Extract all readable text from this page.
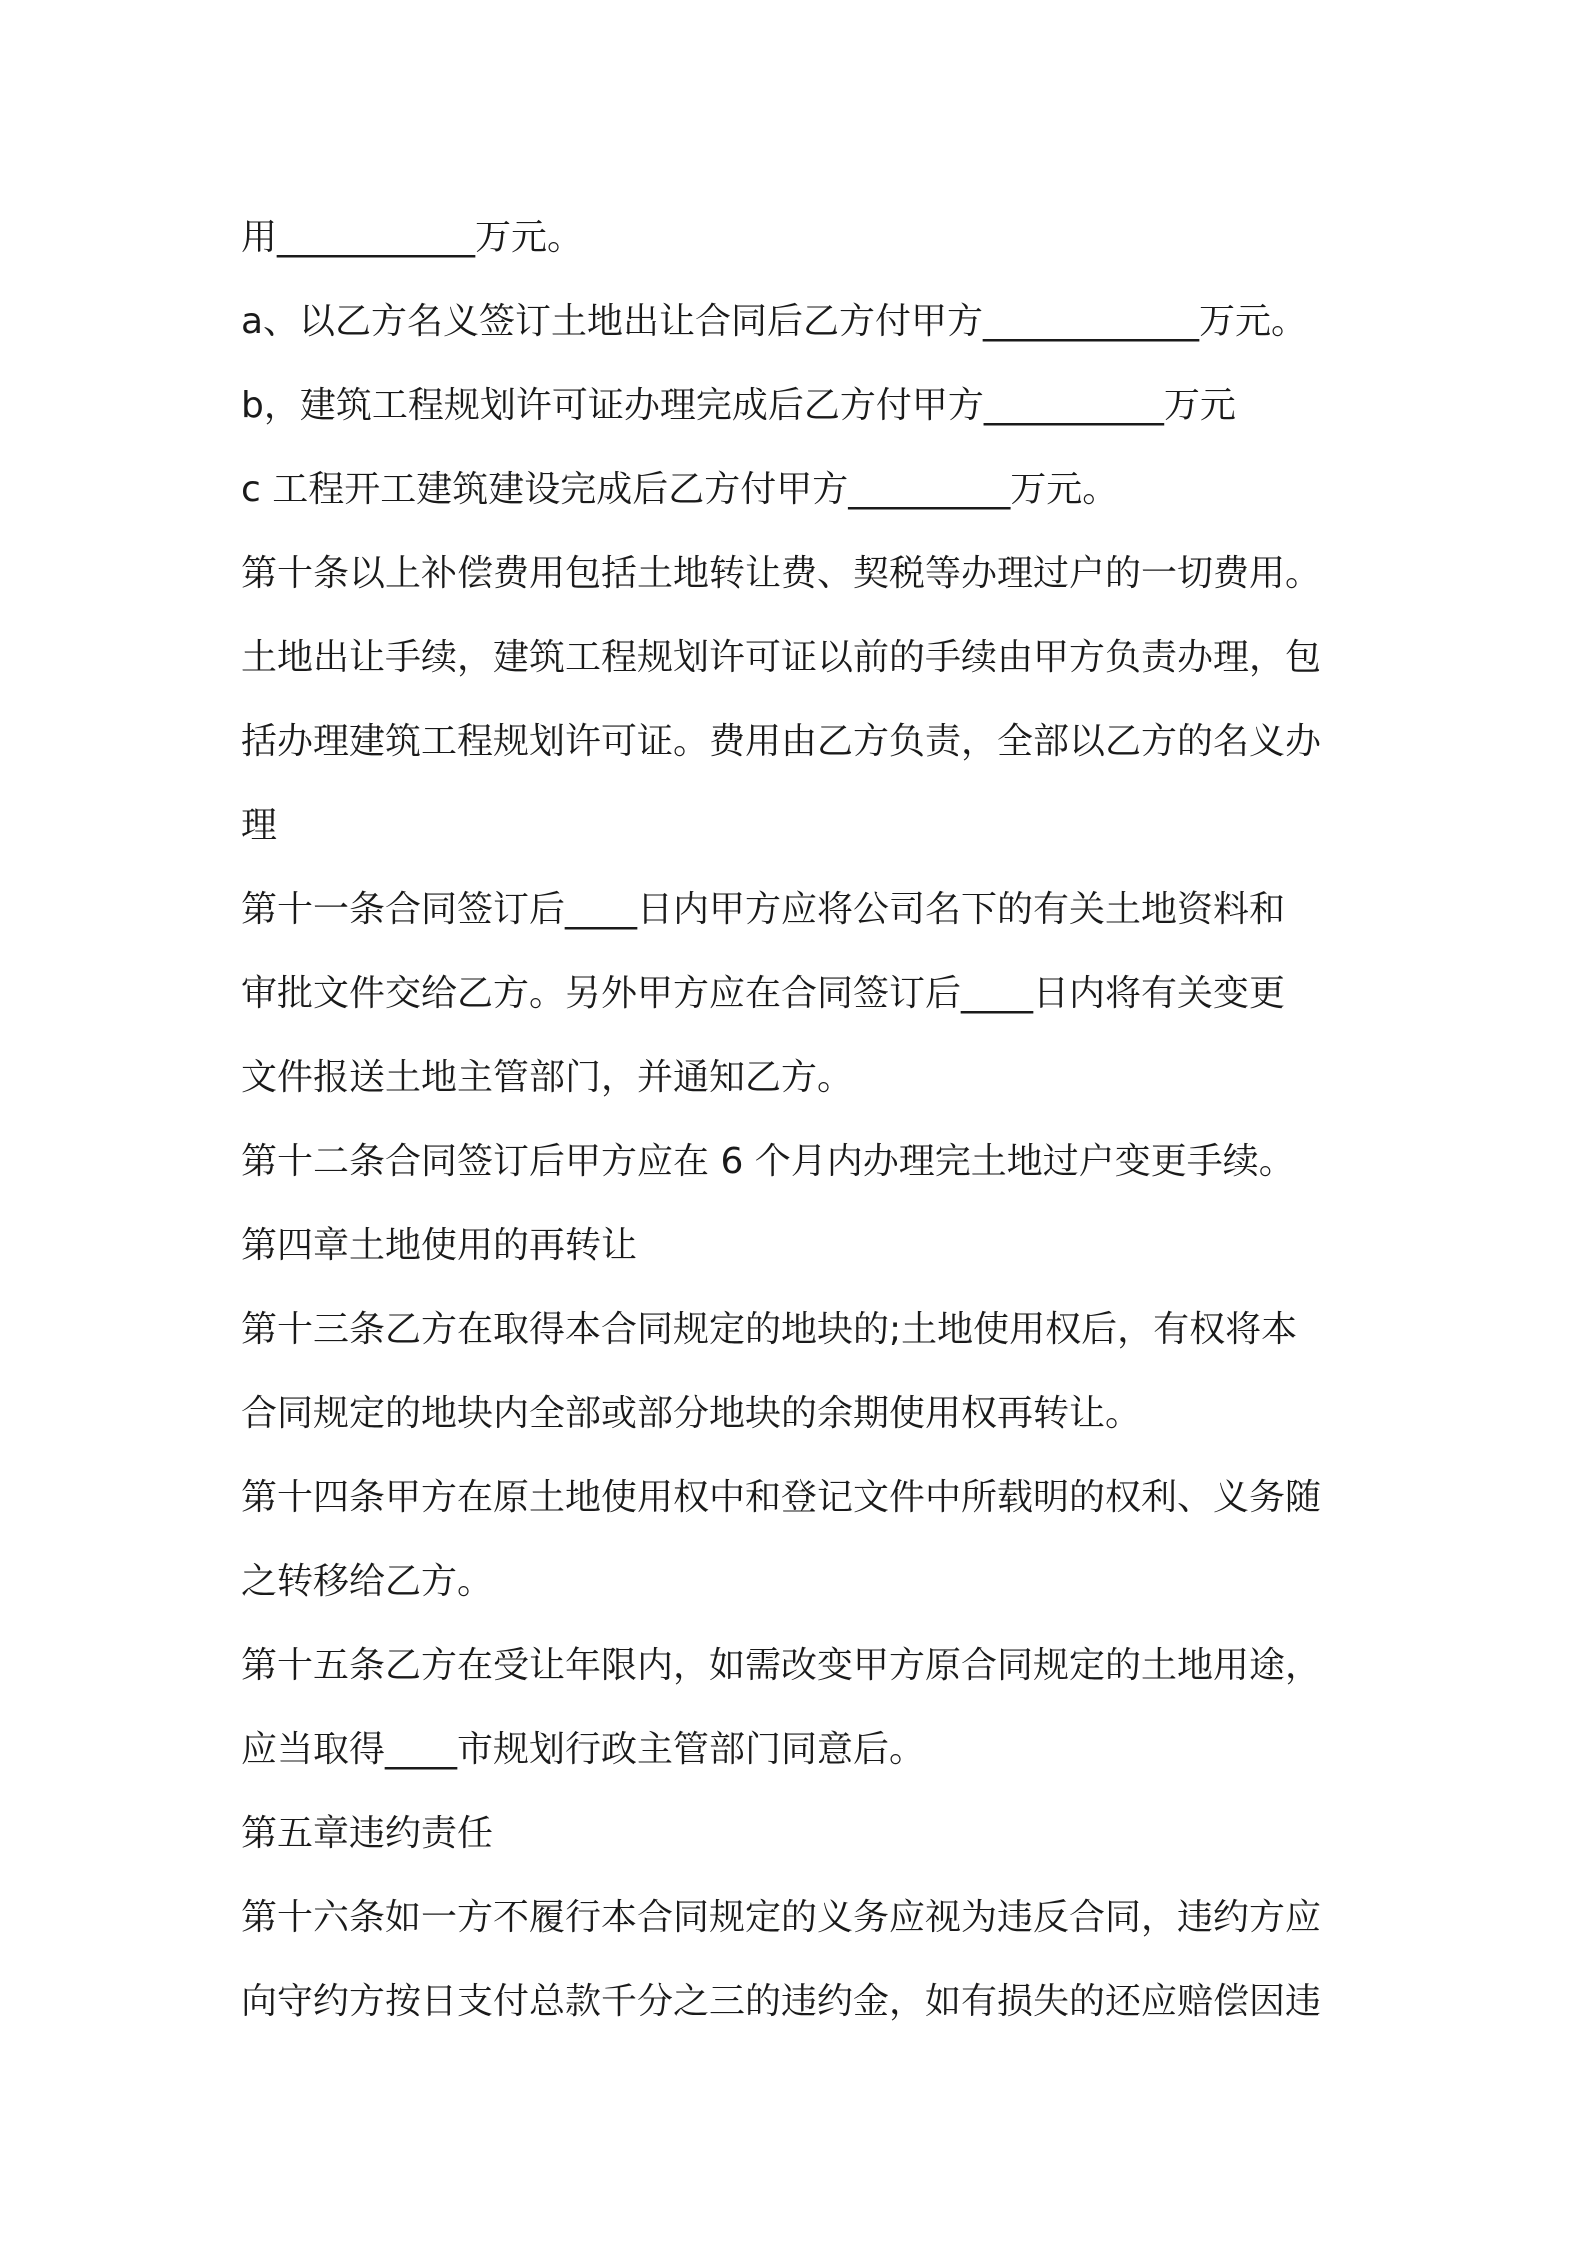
用___________万元。
a、以乙方名义签订土地出让合同后乙方付甲方____________万元。
b，建筑工程规划许可证办理完成后乙方付甲方__________万元
c 工程开工建筑建设完成后乙方付甲方_________万元。
第十条以上补偿费用包括土地转让费、契税等办理过户的一切费用。
土地出让手续，建筑工程规划许可证以前的手续由甲方负责办理，包
括办理建筑工程规划许可证。费用由乙方负责，全部以乙方的名义办
理
第十一条合同签订后____日内甲方应将公司名下的有关土地资料和
审批文件交给乙方。另外甲方应在合同签订后____日内将有关变更
文件报送土地主管部门，并通知乙方。
第十二条合同签订后甲方应在 6 个月内办理完土地过户变更手续。
第四章土地使用的再转让
第十三条乙方在取得本合同规定的地块的;土地使用权后，有权将本
合同规定的地块内全部或部分地块的余期使用权再转让。
第十四条甲方在原土地使用权中和登记文件中所载明的权利、义务随
之转移给乙方。
第十五条乙方在受让年限内，如需改变甲方原合同规定的土地用途，
应当取得____市规划行政主管部门同意后。
第五章违约责任
第十六条如一方不履行本合同规定的义务应视为违反合同，违约方应
向守约方按日支付总款千分之三的违约金，如有损失的还应赔偿因违
